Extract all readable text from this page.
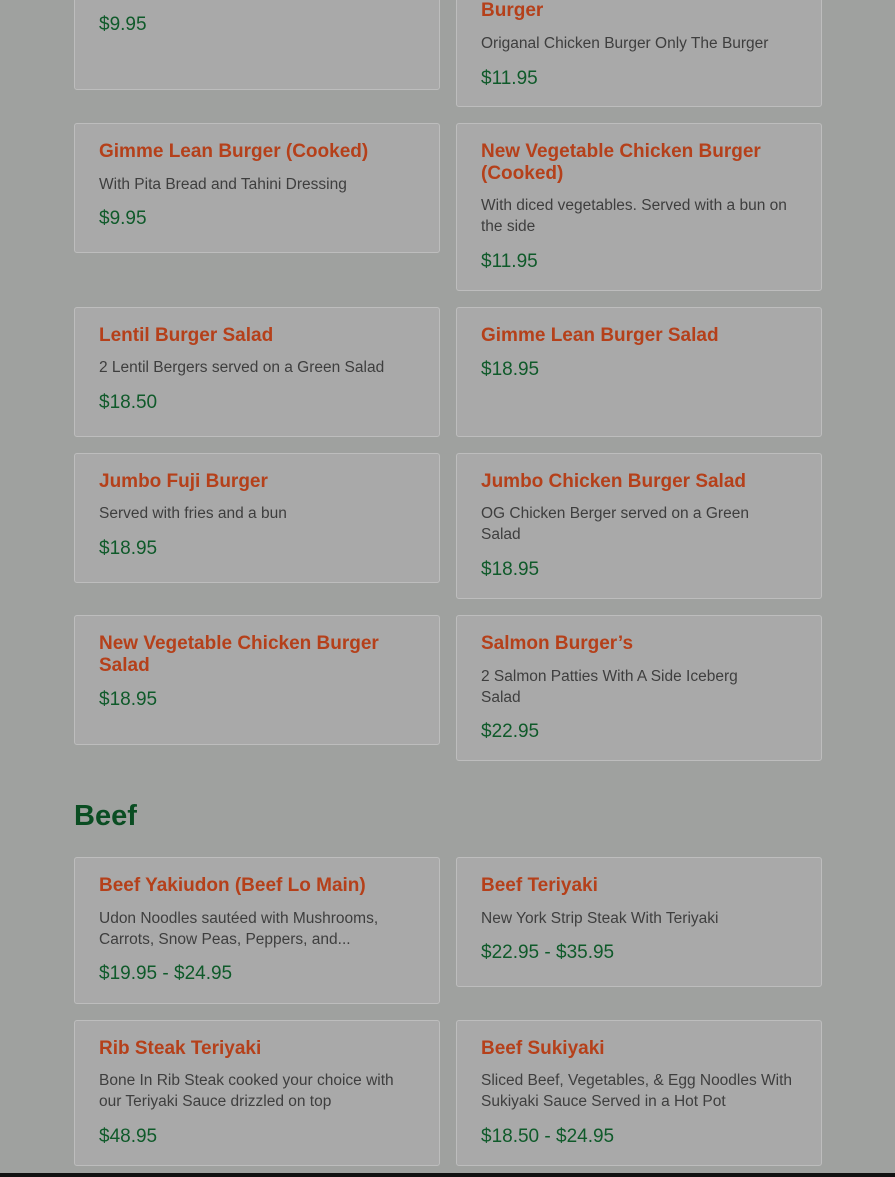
$9.95
Burger
Origanal Chicken Burger Only The Burger
$11.95
Gimme Lean Burger (Cooked)
With Pita Bread and Tahini Dressing
$9.95
New Vegetable Chicken Burger (Cooked)
With diced vegetables. Served with a bun on the side
$11.95
Lentil Burger Salad
2 Lentil Bergers served on a Green Salad
$18.50
Gimme Lean Burger Salad
$18.95
Jumbo Fuji Burger
Served with fries and a bun
$18.95
Jumbo Chicken Burger Salad
OG Chicken Berger served on a Green Salad
$18.95
New Vegetable Chicken Burger Salad
$18.95
Salmon Burger’s
2 Salmon Patties With A Side Iceberg Salad
$22.95
Beef
Beef Yakiudon (Beef Lo Main)
Udon Noodles sautéed with Mushrooms, Carrots, Snow Peas, Peppers, and...
$19.95 - $24.95
Beef Teriyaki
New York Strip Steak With Teriyaki
$22.95 - $35.95
Rib Steak Teriyaki
Bone In Rib Steak cooked your choice with our Teriyaki Sauce drizzled on top
$48.95
Beef Sukiyaki
Sliced Beef, Vegetables, & Egg Noodles With Sukiyaki Sauce Served in a Hot Pot
$18.50 - $24.95
